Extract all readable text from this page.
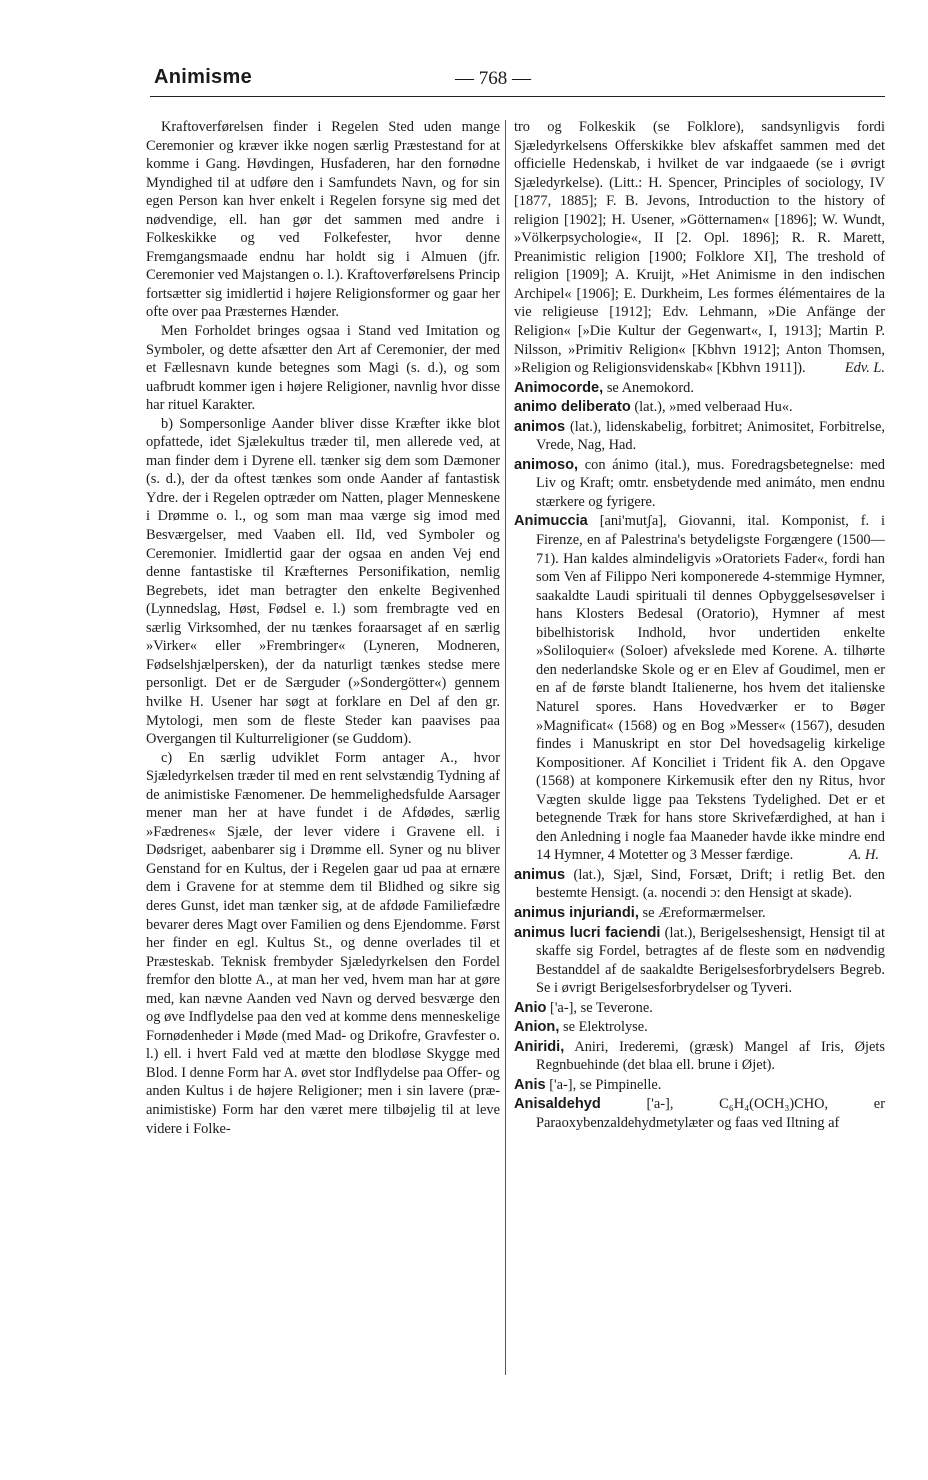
Animisme	— 768 —

Kraftoverførelsen finder i Regelen Sted uden mange Ceremonier og kræver ikke nogen særlig Præstestand for at komme i Gang. Høvdingen, Husfaderen, har den fornødne Myndighed til at udføre den i Samfundets Navn, og for sin egen Person kan hver enkelt i Regelen forsyne sig med det nødvendige, ell. han gør det sammen med andre i Folkeskikke og ved Folkefester, hvor denne Fremgangsmaade endnu har holdt sig i Almuen (jfr. Ceremonier ved Majstangen o. l.). Kraftoverførelsens Princip fortsætter sig imidlertid i højere Religionsformer og gaar her ofte over paa Præsternes Hænder.

Men Forholdet bringes ogsaa i Stand ved Imitation og Symboler, og dette afsætter den Art af Ceremonier, der med et Fællesnavn kunde betegnes som Magi (s. d.), og som uafbrudt kommer igen i højere Religioner, navnlig hvor disse har rituel Karakter.

b) Sompersonlige Aander bliver disse Kræfter ikke blot opfattede, idet Sjælekultus træder til, men allerede ved, at man finder dem i Dyrene ell. tænker sig dem som Dæmoner (s. d.), der da oftest tænkes som onde Aander af fantastisk Ydre. der i Regelen optræder om Natten, plager Menneskene i Drømme o. l., og som man maa værge sig imod med Besværgelser, med Vaaben ell. Ild, ved Symboler og Ceremonier. Imidlertid gaar der ogsaa en anden Vej end denne fantastiske til Kræfternes Personifikation, nemlig Begrebets, idet man betragter den enkelte Begivenhed (Lynnedslag, Høst, Fødsel e. l.) som frembragte ved en særlig Virksomhed, der nu tænkes foraarsaget af en særlig »Virker« eller »Frembringer« (Lyneren, Modneren, Fødselshjælpersken), der da naturligt tænkes stedse mere personligt. Det er de Særguder (»Sondergötter«) gennem hvilke H. Usener har søgt at forklare en Del af den gr. Mytologi, men som de fleste Steder kan paavises paa Overgangen til Kulturreligioner (se Guddom).

c) En særlig udviklet Form antager A., hvor Sjæledyrkelsen træder til med en rent selvstændig Tydning af de animistiske Fænomener. De hemmelighedsfulde Aarsager mener man her at have fundet i de Afdødes, særlig »Fædrenes« Sjæle, der lever videre i Gravene ell. i Dødsriget, aabenbarer sig i Drømme ell. Syner og nu bliver Genstand for en Kultus, der i Regelen gaar ud paa at ernære dem i Gravene for at stemme dem til Blidhed og sikre sig deres Gunst, idet man tænker sig, at de afdøde Familiefædre bevarer deres Magt over Familien og dens Ejendomme. Først her finder en egl. Kultus St., og denne overlades til et Præsteskab. Teknisk frembyder Sjæledyrkelsen den Fordel fremfor den blotte A., at man her ved, hvem man har at gøre med, kan nævne Aanden ved Navn og derved besværge den og øve Indflydelse paa den ved at komme dens menneskelige Fornødenheder i Møde (med Mad- og Drikofre, Gravfester o. l.) ell. i hvert Fald ved at mætte den blodløse Skygge med Blod. I denne Form har A. øvet stor Indflydelse paa Offer- og anden Kultus i de højere Religioner; men i sin lavere (præ-animistiske) Form har den været mere tilbøjelig til at leve videre i Folke-

tro og Folkeskik (se Folklore), sandsynligvis fordi Sjæledyrkelsens Offerskikke blev afskaffet sammen med det officielle Hedenskab, i hvilket de var indgaaede (se i øvrigt Sjæledyrkelse). (Litt.: H. Spencer, Principles of sociology, IV [1877, 1885]; F. B. Jevons, Introduction to the history of religion [1902]; H. Usener, »Götternamen« [1896]; W. Wundt, »Völkerpsychologie«, II [2. Opl. 1896]; R. R. Marett, Preanimistic religion [1900; Folklore XI], The treshold of religion [1909]; A. Kruijt, »Het Animisme in den indischen Archipel« [1906]; E. Durkheim, Les formes élémentaires de la vie religieuse [1912]; Edv. Lehmann, »Die Anfänge der Religion« [»Die Kultur der Gegenwart«, I, 1913]; Martin P. Nilsson, »Primitiv Religion« [Kbhvn 1912]; Anton Thomsen, »Religion og Religionsvidenskab« [Kbhvn 1911]).	Edv. L.

Animocorde, se Anemokord.

animo deliberato (lat.), »med velberaad Hu«.

animos (lat.), lidenskabelig, forbitret; Animositet, Forbitrelse, Vrede, Nag, Had.

animoso, con ánimo (ital.), mus. Foredragsbetegnelse: med Liv og Kraft; omtr. ensbetydende med animáto, men endnu stærkere og fyrigere.

Animuccia [ani'mutʃa], Giovanni, ital. Komponist, f. i Firenze, en af Palestrina's betydeligste Forgængere (1500—71). Han kaldes almindeligvis »Oratoriets Fader«, fordi han som Ven af Filippo Neri komponerede 4-stemmige Hymner, saakaldte Laudi spirituali til dennes Opbyggelsesøvelser i hans Klosters Bedesal (Oratorio), Hymner af mest bibelhistorisk Indhold, hvor undertiden enkelte »Soliloquier« (Soloer) afveksledе med Korene. A. tilhørte den nederlandske Skole og er en Elev af Goudimel, men er en af de første blandt Italienerne, hos hvem det italienske Naturel spores. Hans Hovedværker er to Bøger »Magnificat« (1568) og en Bog »Messer« (1567), desuden findes i Manuskript en stor Del hovedsagelig kirkelige Kompositioner. Af Konciliet i Trident fik A. den Opgave (1568) at komponere Kirkemusik efter den ny Ritus, hvor Vægten skulde ligge paa Tekstens Tydelighed. Det er et betegnende Træk for hans store Skrivefærdighed, at han i den Anledning i nogle faa Maaneder havde ikke mindre end 14 Hymner, 4 Motetter og 3 Messer færdige.	A. H.

animus (lat.), Sjæl, Sind, Forsæt, Drift; i retlig Bet. den bestemte Hensigt. (a. nocendi ɔ: den Hensigt at skade).

animus injuriandi, se Æreformærmelser.

animus lucri faciendi (lat.), Berigelseshensigt, Hensigt til at skaffe sig Fordel, betragtes af de fleste som en nødvendig Bestanddel af de saakaldte Berigelsesforbrydelsers Begreb. Se i øvrigt Berigelsesforbrydelser og Tyveri.

Anio ['a-], se Teverone.

Anion, se Elektrolyse.

Aniridi, Aniri, Irederemi, (græsk) Mangel af Iris, Øjets Regnbuehinde (det blaa ell. brune i Øjet).

Anis ['a-], se Pimpinelle.

Anisaldehyd	['a-], C₆H₄(OCH₃)CHO, er Paraoxybenzaldehydmetylæter og faas ved Iltning af
